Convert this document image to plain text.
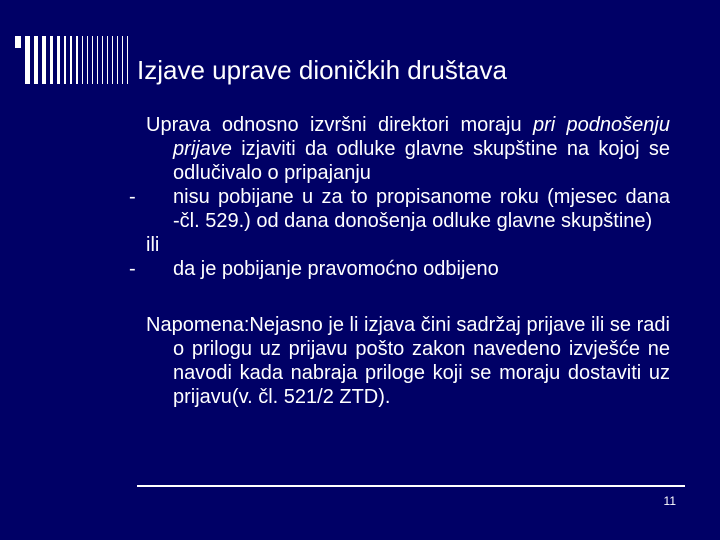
Izjave uprave dioničkih društava

Uprava odnosno izvršni direktori moraju pri podnošenju prijave izjaviti da odluke glavne skupštine na kojoj se odlučivalo o pripajanju

- nisu pobijane u za to propisanome roku (mjesec dana -čl. 529.) od dana donošenja odluke glavne skupštine)

ili

- da je pobijanje pravomoćno odbijeno

Napomena:Nejasno je li izjava čini sadržaj prijave ili se radi o prilogu uz prijavu pošto zakon navedeno izvješće ne navodi kada nabraja priloge koji se moraju dostaviti uz prijavu(v. čl. 521/2 ZTD).

11
